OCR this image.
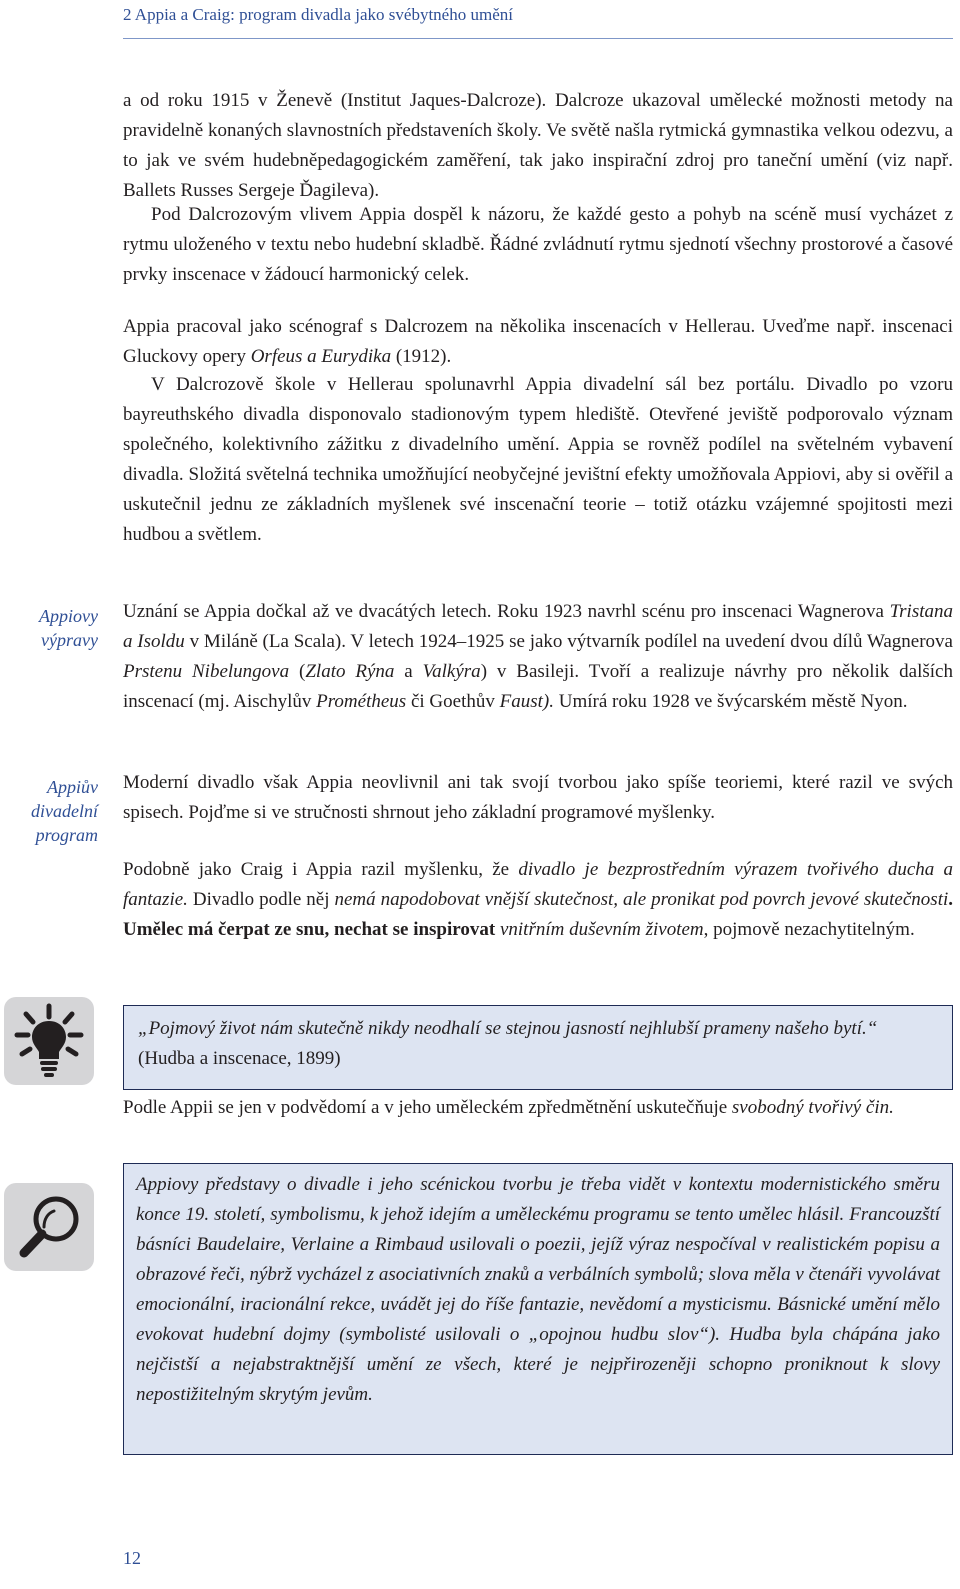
2 Appia a Craig: program divadla jako svébytného umění

a od roku 1915 v Ženevě (Institut Jaques-Dalcroze). Dalcroze ukazoval umělecké možnosti metody na pravidelně konaných slavnostních představeních školy. Ve světě našla rytmická gymnastika velkou odezvu, a to jak ve svém hudebněpedagogickém zaměření, tak jako inspirační zdroj pro taneční umění (viz např. Ballets Russes Sergeje Ďagileva).

Pod Dalcrozovým vlivem Appia dospěl k názoru, že každé gesto a pohyb na scéně musí vycházet z rytmu uloženého v textu nebo hudební skladbě. Řádné zvládnutí rytmu sjednotí všechny prostorové a časové prvky inscenace v žádoucí harmonický celek.

Appia pracoval jako scénograf s Dalcrozem na několika inscenacích v Hellerau. Uveďme např. inscenaci Gluckovy opery Orfeus a Eurydika (1912).

V Dalcrozově škole v Hellerau spolunavrhl Appia divadelní sál bez portálu. Divadlo po vzoru bayreuthského divadla disponovalo stadionovým typem hlediště. Otevřené jeviště podporovalo význam společného, kolektivního zážitku z divadelního umění. Appia se rovněž podílel na světelném vybavení divadla. Složitá světelná technika umožňující neobyčejné jevištní efekty umožňovala Appiovi, aby si ověřil a uskutečnil jednu ze základních myšlenek své inscenační teorie – totiž otázku vzájemné spojitosti mezi hudbou a světlem.

Appiovy
výpravy

Uznání se Appia dočkal až ve dvacátých letech. Roku 1923 navrhl scénu pro inscenaci Wagnerova Tristana a Isoldu v Miláně (La Scala). V letech 1924–1925 se jako výtvarník podílel na uvedení dvou dílů Wagnerova Prstenu Nibelungova (Zlato Rýna a Valkýra) v Basileji. Tvoří a realizuje návrhy pro několik dalších inscenací (mj. Aischylův Prométheus či Goethův Faust). Umírá roku 1928 ve švýcarském městě Nyon.

Appiův
divadelní
program

Moderní divadlo však Appia neovlivnil ani tak svojí tvorbou jako spíše teoriemi, které razil ve svých spisech. Pojďme si ve stručnosti shrnout jeho základní programové myšlenky.

Podobně jako Craig i Appia razil myšlenku, že divadlo je bezprostředním výrazem tvořivého ducha a fantazie. Divadlo podle něj nemá napodobovat vnější skutečnost, ale pronikat pod povrch jevové skutečnosti. Umělec má čerpat ze snu, nechat se inspirovat vnitřním duševním životem, pojmově nezachytitelným.

„Pojmový život nám skutečně nikdy neodhalí se stejnou jasností nejhlubší prameny našeho bytí.“ (Hudba a inscenace, 1899)

Podle Appii se jen v podvědomí a v jeho uměleckém zpředmětnění uskutečňuje svobodný tvořivý čin.

Appiovy představy o divadle i jeho scénickou tvorbu je třeba vidět v kontextu modernistického směru konce 19. století, symbolismu, k jehož idejím a uměleckému programu se tento umělec hlásil. Francouzští básníci Baudelaire, Verlaine a Rimbaud usilovali o poezii, jejíž výraz nespočíval v realistickém popisu a obrazové řeči, nýbrž vycházel z asociativních znaků a verbálních symbolů; slova měla v čtenáři vyvolávat emocionální, iracionální rekce, uvádět jej do říše fantazie, nevědomí a mysticismu. Básnické umění mělo evokovat hudební dojmy (symbolisté usilovali o „opojnou hudbu slov“). Hudba byla chápána jako nejčistší a nejabstraktnější umění ze všech, které je nejpřirozeněji schopno proniknout k slovy nepostižitelným skrytým jevům.

12
